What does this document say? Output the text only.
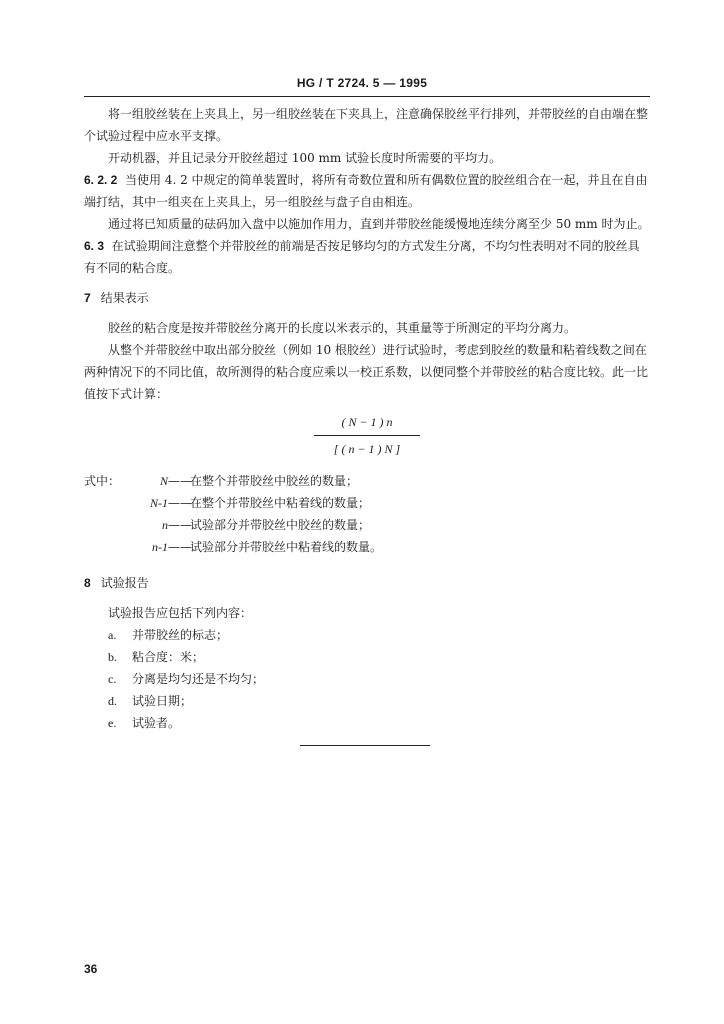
HG / T 2724. 5 — 1995

将一组胶丝装在上夹具上，另一组胶丝装在下夹具上，注意确保胶丝平行排列，并带胶丝的自由端在整个试验过程中应水平支撑。

开动机器，并且记录分开胶丝超过 100 mm 试验长度时所需要的平均力。

6. 2. 2 当使用 4. 2 中规定的简单装置时，将所有奇数位置和所有偶数位置的胶丝组合在一起，并且在自由端打结，其中一组夹在上夹具上，另一组胶丝与盘子自由相连。

通过将已知质量的砝码加入盘中以施加作用力，直到并带胶丝能缓慢地连续分离至少 50 mm 时为止。

6. 3 在试验期间注意整个并带胶丝的前端是否按足够均匀的方式发生分离，不均匀性表明对不同的胶丝具有不同的粘合度。

7 结果表示

胶丝的粘合度是按并带胶丝分离开的长度以米表示的，其重量等于所测定的平均分离力。

从整个并带胶丝中取出部分胶丝（例如 10 根胶丝）进行试验时，考虑到胶丝的数量和粘着线数之间在两种情况下的不同比值，故所测得的粘合度应乘以一校正系数，以便同整个并带胶丝的粘合度比较。此一比值按下式计算：

( N − 1 ) n
[ ( n − 1 ) N ]
式中：	N ——
在整个并带胶丝中胶丝的数量；
N-1 ——
在整个并带胶丝中粘着线的数量；
n ——
试验部分并带胶丝中胶丝的数量；
n-1 ——
试验部分并带胶丝中粘着线的数量。
8 试验报告

试验报告应包括下列内容：

a.	并带胶丝的标志；
b.	粘合度：米；
c.	分离是均匀还是不均匀；
d.	试验日期；
e.	试验者。
36
